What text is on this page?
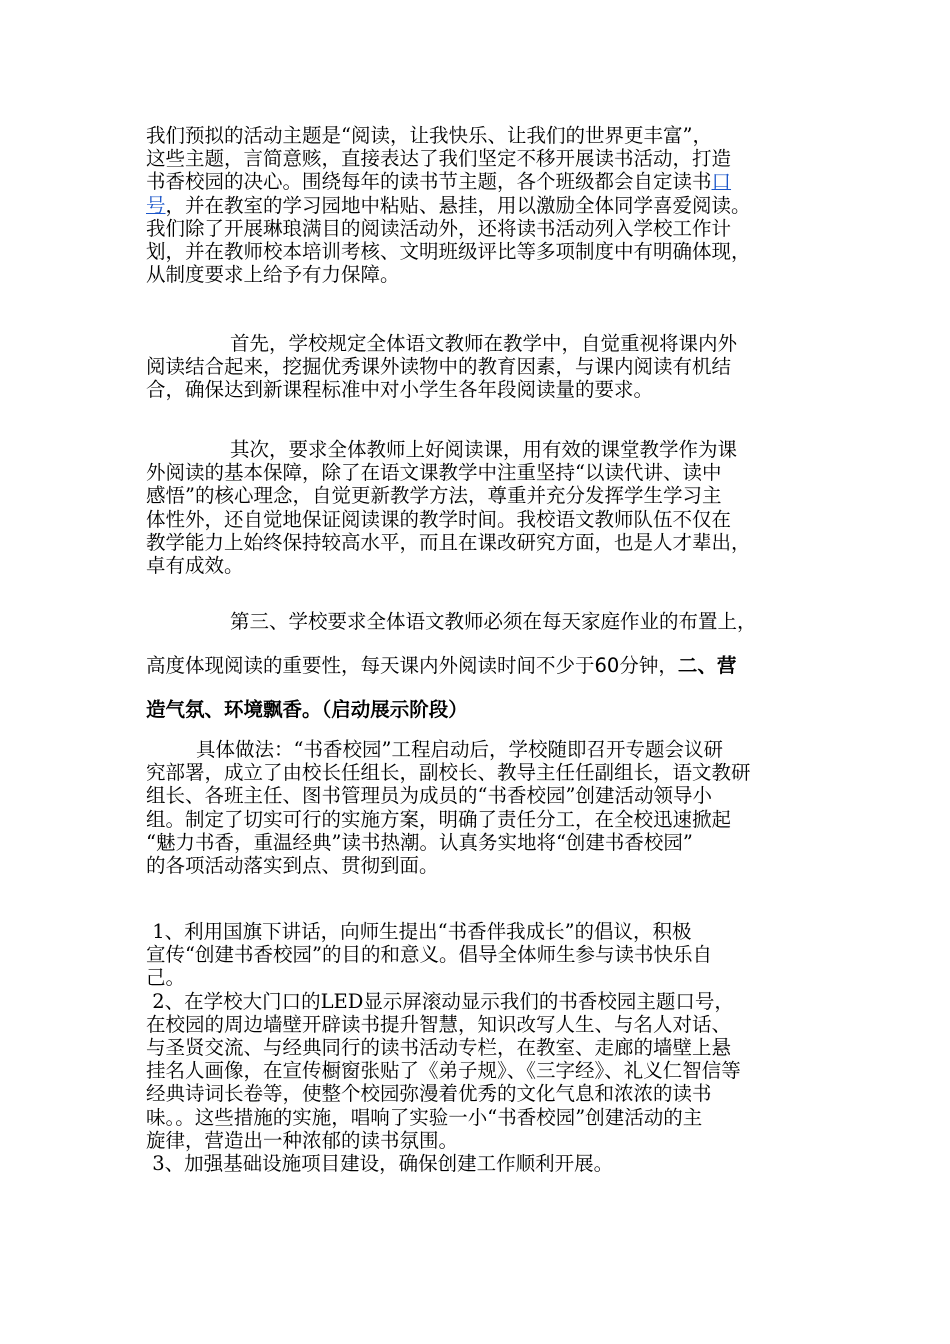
我们预拟的活动主题是“阅读，让我快乐、让我们的世界更丰富”，
这些主题，言简意赅，直接表达了我们坚定不移开展读书活动，打造
书香校园的决心。围绕每年的读书节主题，各个班级都会自定读书口
号，并在教室的学习园地中粘贴、悬挂，用以激励全体同学喜爱阅读。
我们除了开展琳琅满目的阅读活动外，还将读书活动列入学校工作计
划，并在教师校本培训考核、文明班级评比等多项制度中有明确体现，
从制度要求上给予有力保障。

首先，学校规定全体语文教师在教学中，自觉重视将课内外
阅读结合起来，挖掘优秀课外读物中的教育因素，与课内阅读有机结
合，确保达到新课程标准中对小学生各年段阅读量的要求。

其次，要求全体教师上好阅读课，用有效的课堂教学作为课
外阅读的基本保障，除了在语文课教学中注重坚持“以读代讲、读中
感悟”的核心理念，自觉更新教学方法，尊重并充分发挥学生学习主
体性外，还自觉地保证阅读课的教学时间。我校语文教师队伍不仅在
教学能力上始终保持较高水平，而且在课改研究方面，也是人才辈出，
卓有成效。

第三、学校要求全体语文教师必须在每天家庭作业的布置上，
高度体现阅读的重要性，每天课内外阅读时间不少于60分钟，二、营
造气氛、环境飘香。（启动展示阶段）

具体做法：“书香校园”工程启动后，学校随即召开专题会议研
究部署，成立了由校长任组长，副校长、教导主任任副组长，语文教研
组长、各班主任、图书管理员为成员的“书香校园”创建活动领导小
组。制定了切实可行的实施方案，明确了责任分工，在全校迅速掀起
“魅力书香，重温经典”读书热潮。认真务实地将“创建书香校园”
的各项活动落实到点、贯彻到面。

1、利用国旗下讲话，向师生提出“书香伴我成长”的倡议，积极
宣传“创建书香校园”的目的和意义。倡导全体师生参与读书快乐自
己。
2、在学校大门口的LED显示屏滚动显示我们的书香校园主题口号，
在校园的周边墙壁开辟读书提升智慧，知识改写人生、与名人对话、
与圣贤交流、与经典同行的读书活动专栏，在教室、走廊的墙壁上悬
挂名人画像，在宣传橱窗张贴了《弟子规》、《三字经》、礼义仁智信等
经典诗词长卷等，使整个校园弥漫着优秀的文化气息和浓浓的读书
味。。这些措施的实施，唱响了实验一小“书香校园”创建活动的主
旋律，营造出一种浓郁的读书氛围。
3、加强基础设施项目建设，确保创建工作顺利开展。
